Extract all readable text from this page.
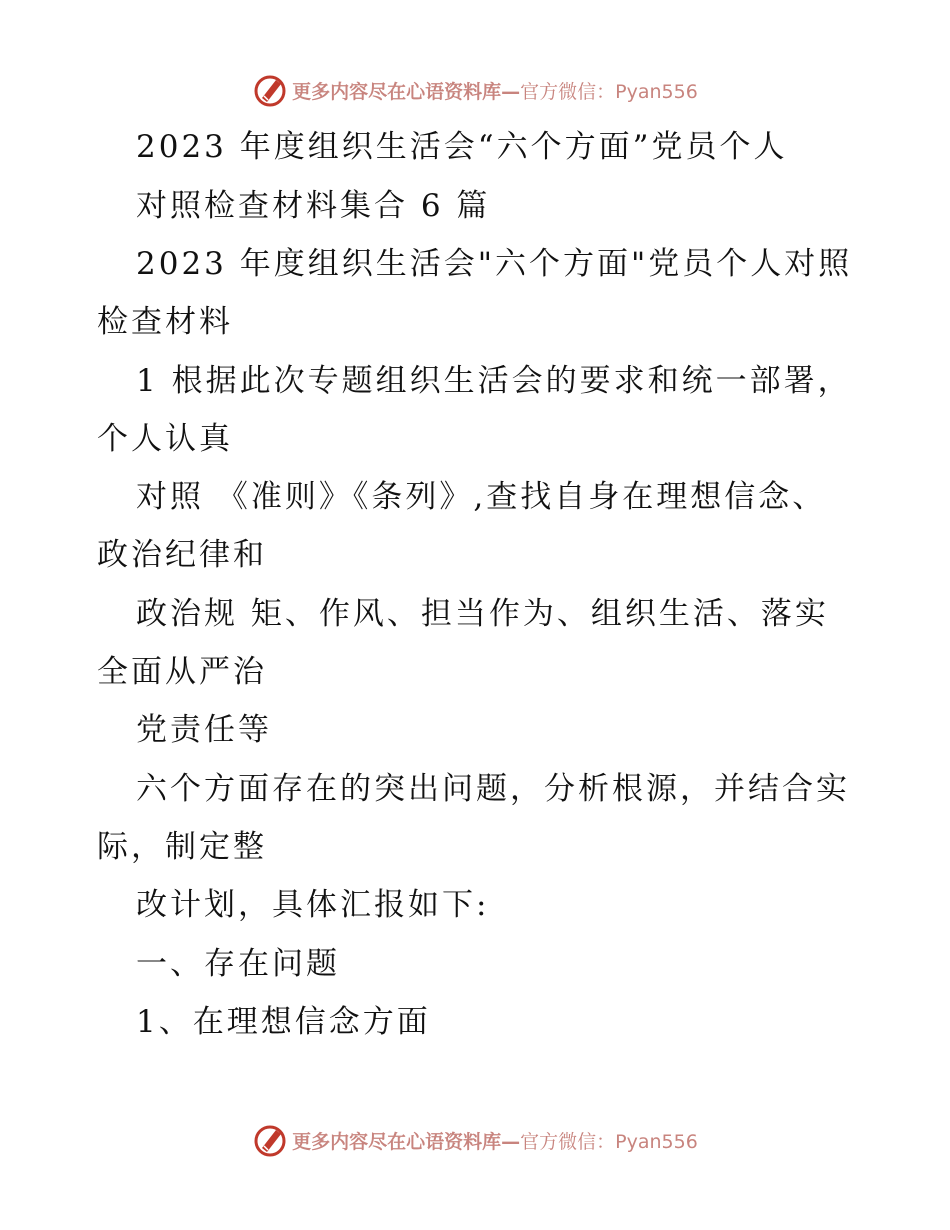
更多内容尽在心语资料库—官方微信：Pyan556
2023 年度组织生活会“六个方面”党员个人
对照检查材料集合 6 篇
2023 年度组织生活会"六个方面"党员个人对照
检查材料
1 根据此次专题组织生活会的要求和统一部署，
个人认真
对照 《准则》《条列》,查找自身在理想信念、
政治纪律和
政治规 矩、作风、担当作为、组织生活、落实
全面从严治
党责任等
六个方面存在的突出问题，分析根源，并结合实
际，制定整
改计划，具体汇报如下:
一、存在问题
1、在理想信念方面
更多内容尽在心语资料库—官方微信：Pyan556
